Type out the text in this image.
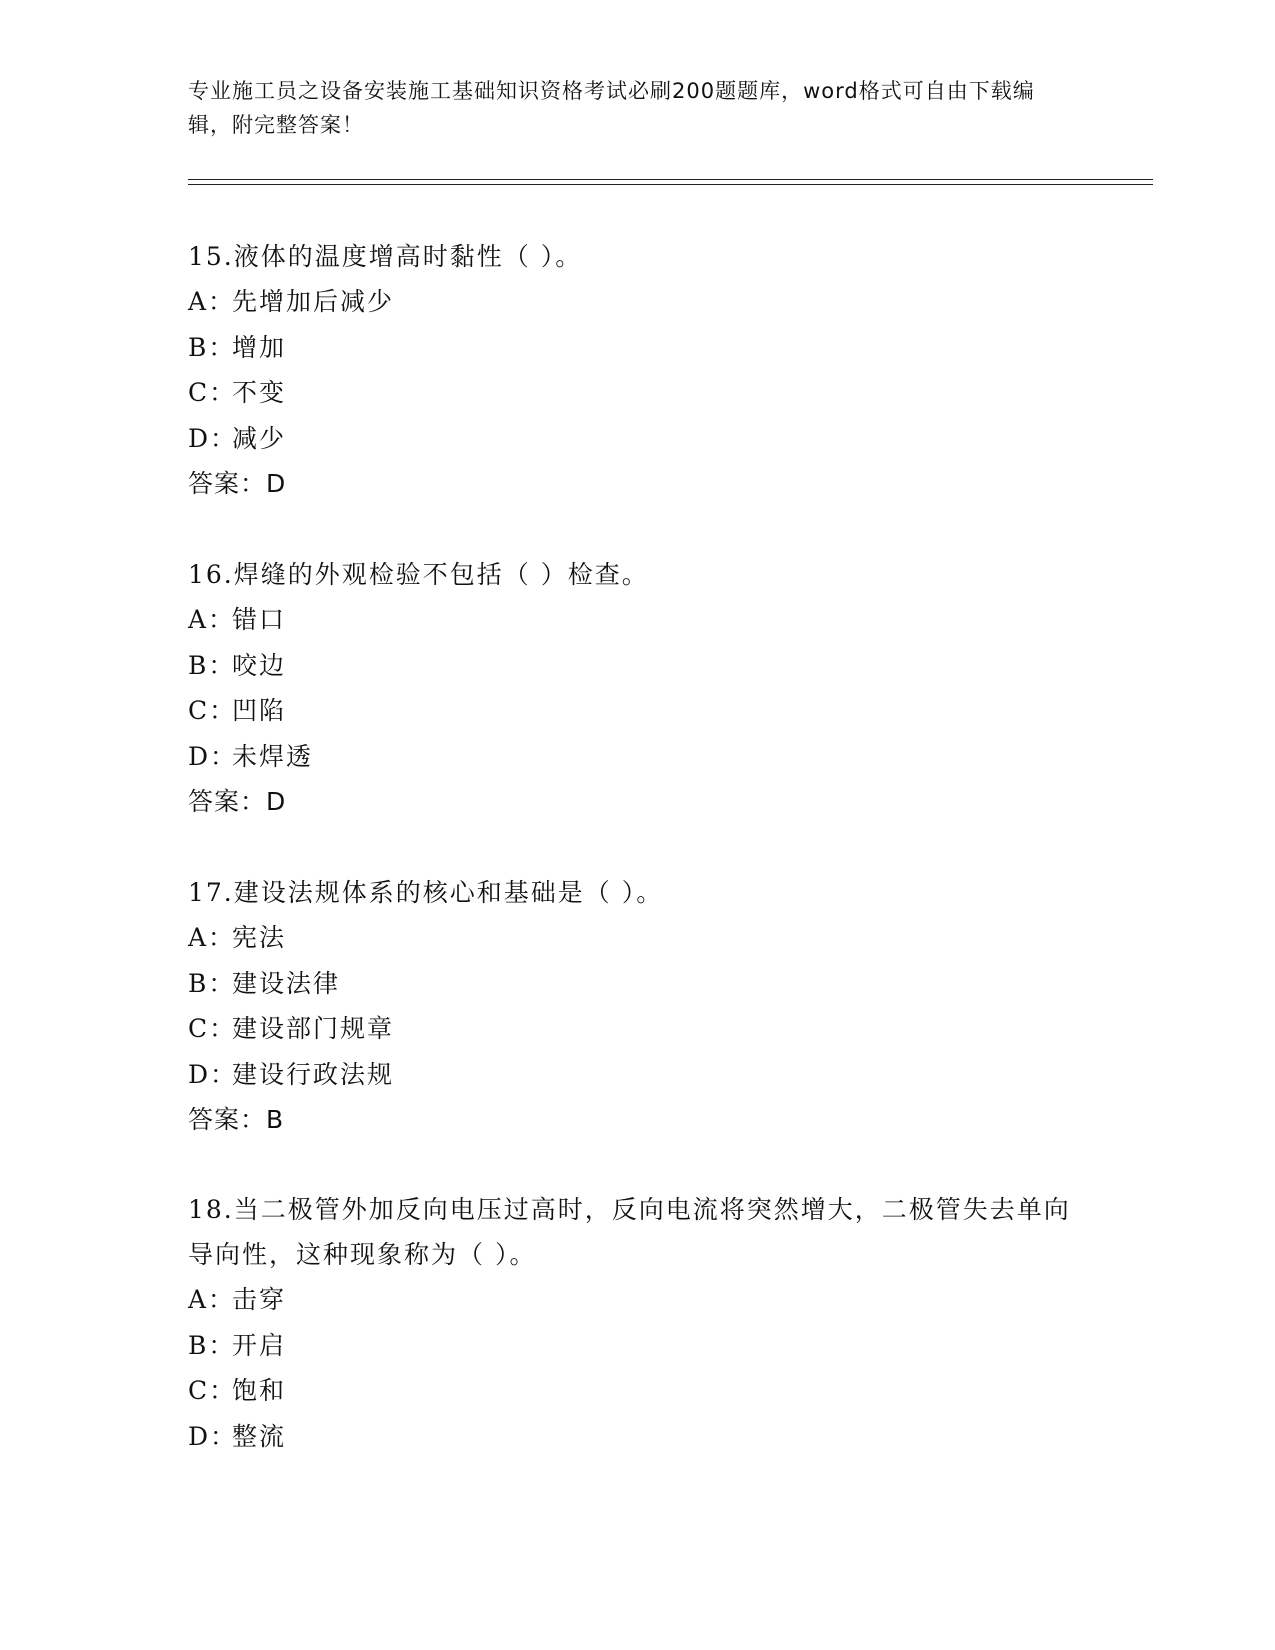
专业施工员之设备安装施工基础知识资格考试必刷200题题库，word格式可自由下载编辑，附完整答案！

15.液体的温度增高时黏性（ ）。

A：先增加后减少

B：增加

C：不变

D：减少

答案：D

16.焊缝的外观检验不包括（ ）检查。

A：错口

B：咬边

C：凹陷

D：未焊透

答案：D

17.建设法规体系的核心和基础是（ ）。

A：宪法

B：建设法律

C：建设部门规章

D：建设行政法规

答案：B

18.当二极管外加反向电压过高时，反向电流将突然增大，二极管失去单向导向性，这种现象称为（ ）。

A：击穿

B：开启

C：饱和

D：整流
